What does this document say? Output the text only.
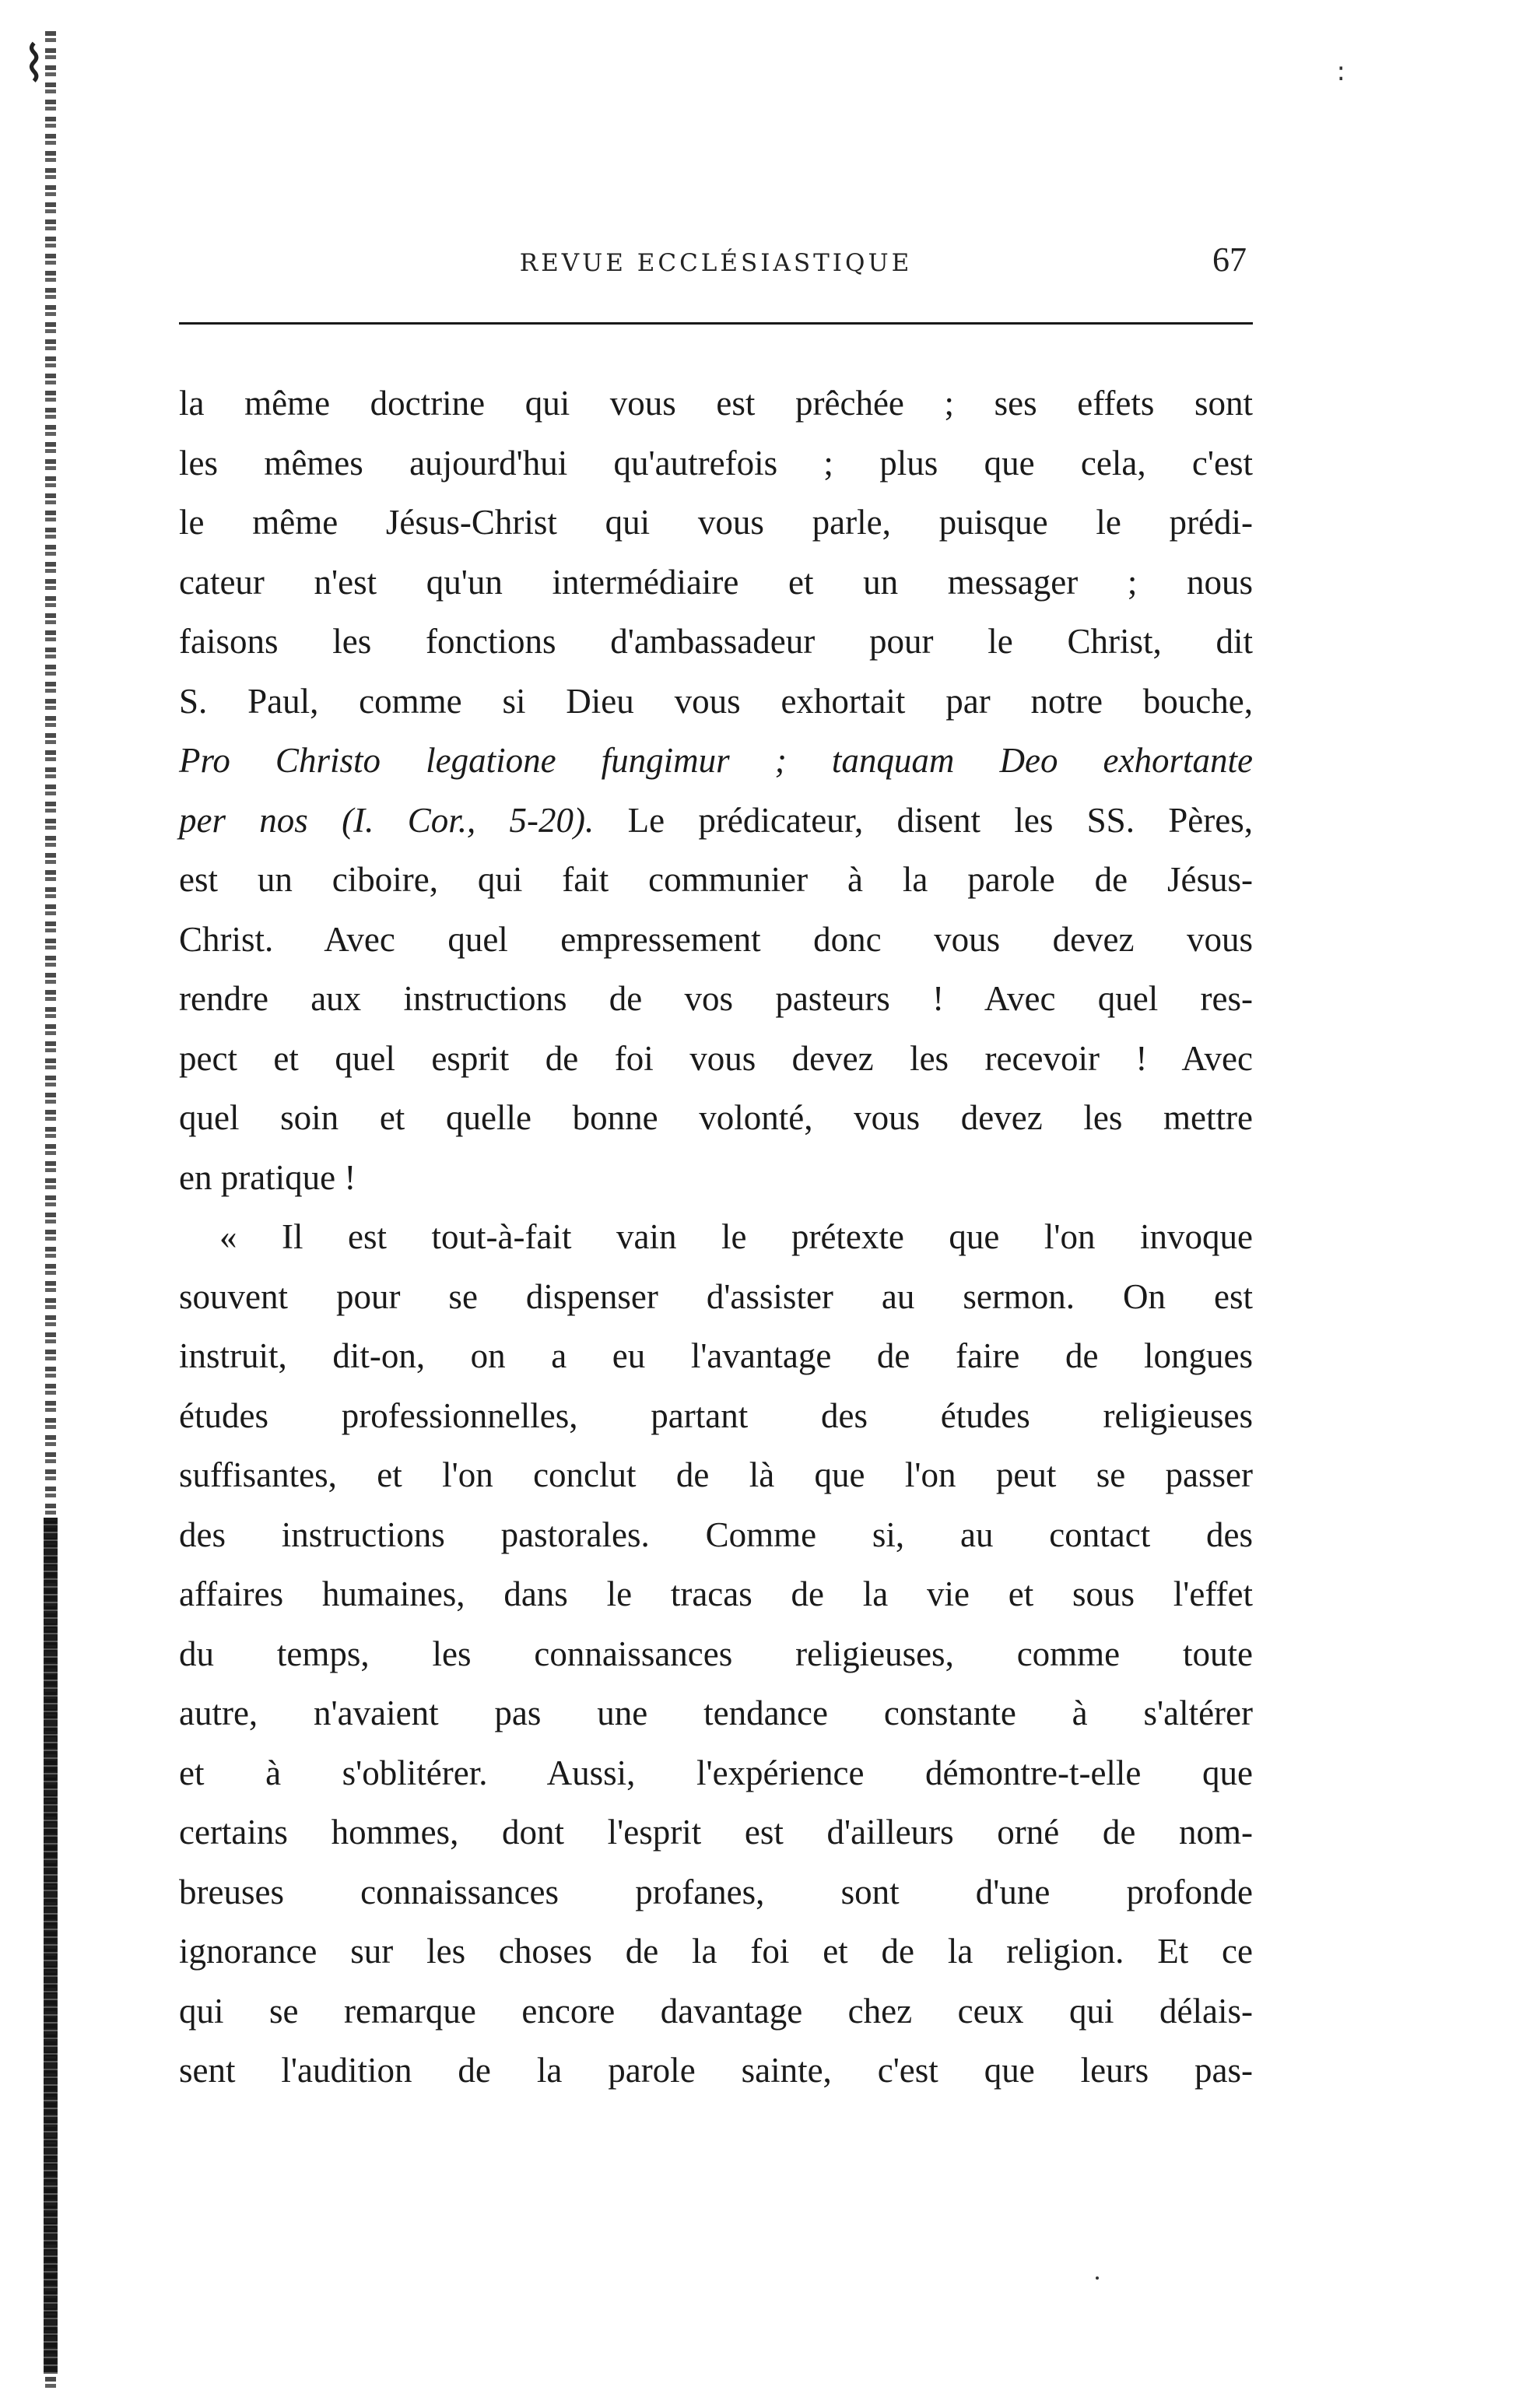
⌇	:
REVUE ECCLÉSIASTIQUE	67
la même doctrine qui vous est prêchée ; ses effets sont
les mêmes aujourd'hui qu'autrefois ; plus que cela, c'est
le même Jésus-Christ qui vous parle, puisque le prédi-
cateur n'est qu'un intermédiaire et un messager ; nous
faisons les fonctions d'ambassadeur pour le Christ, dit
S. Paul, comme si Dieu vous exhortait par notre bouche,
Pro Christo legatione fungimur ; tanquam Deo exhortante
per nos (I. Cor., 5-20). Le prédicateur, disent les SS. Pères,
est un ciboire, qui fait communier à la parole de Jésus-
Christ. Avec quel empressement donc vous devez vous
rendre aux instructions de vos pasteurs ! Avec quel res-
pect et quel esprit de foi vous devez les recevoir ! Avec
quel soin et quelle bonne volonté, vous devez les mettre
en pratique !
« Il est tout-à-fait vain le prétexte que l'on invoque
souvent pour se dispenser d'assister au sermon. On est
instruit, dit-on, on a eu l'avantage de faire de longues
études professionnelles, partant des études religieuses
suffisantes, et l'on conclut de là que l'on peut se passer
des instructions pastorales. Comme si, au contact des
affaires humaines, dans le tracas de la vie et sous l'effet
du temps, les connaissances religieuses, comme toute
autre, n'avaient pas une tendance constante à s'altérer
et à s'oblitérer. Aussi, l'expérience démontre-t-elle que
certains hommes, dont l'esprit est d'ailleurs orné de nom-
breuses connaissances profanes, sont d'une profonde
ignorance sur les choses de la foi et de la religion. Et ce
qui se remarque encore davantage chez ceux qui délais-
sent l'audition de la parole sainte, c'est que leurs pas-
